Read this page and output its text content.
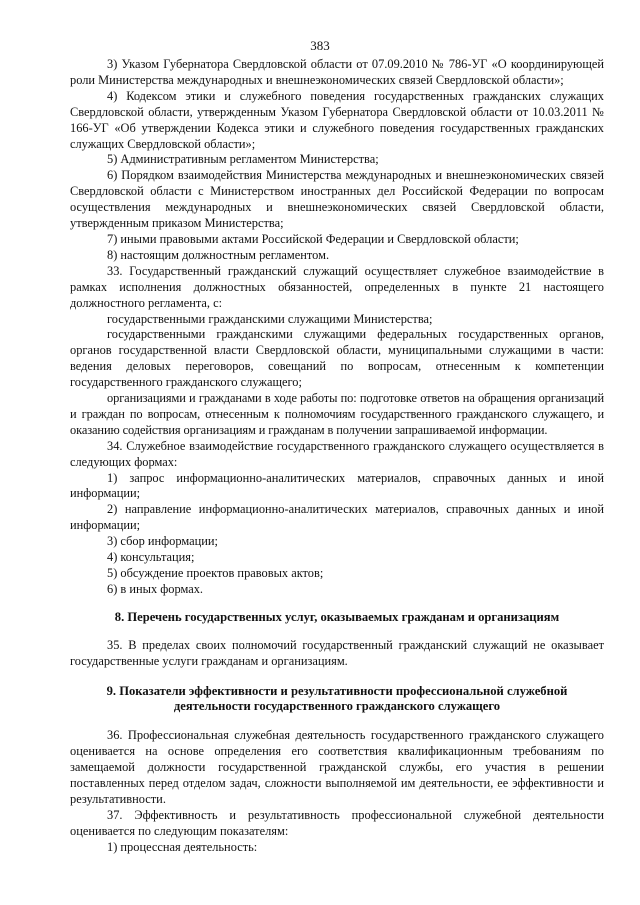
383

3) Указом Губернатора Свердловской области от 07.09.2010 № 786-УГ «О координирующей роли Министерства международных и внешнеэкономических связей Свердловской области»;

4) Кодексом этики и служебного поведения государственных гражданских служащих Свердловской области, утвержденным Указом Губернатора Свердловской области от 10.03.2011 № 166-УГ «Об утверждении Кодекса этики и служебного поведения государственных гражданских служащих Свердловской области»;

5) Административным регламентом Министерства;

6) Порядком взаимодействия Министерства международных и внешнеэкономических связей Свердловской области с Министерством иностранных дел Российской Федерации по вопросам осуществления международных и внешнеэкономических связей Свердловской области, утвержденным приказом Министерства;

7) иными правовыми актами Российской Федерации и Свердловской области;

8) настоящим должностным регламентом.

33. Государственный гражданский служащий осуществляет служебное взаимодействие в рамках исполнения должностных обязанностей, определенных в пункте 21 настоящего должностного регламента, с:

государственными гражданскими служащими Министерства;

государственными гражданскими служащими федеральных государственных органов, органов государственной власти Свердловской области, муниципальными служащими в части: ведения деловых переговоров, совещаний по вопросам, отнесенным к компетенции государственного гражданского служащего;

организациями и гражданами в ходе работы по: подготовке ответов на обращения организаций и граждан по вопросам, отнесенным к полномочиям государственного гражданского служащего, и оказанию содействия организациям и гражданам в получении запрашиваемой информации.

34. Служебное взаимодействие государственного гражданского служащего осуществляется в следующих формах:

1) запрос информационно-аналитических материалов, справочных данных и иной информации;

2) направление информационно-аналитических материалов, справочных данных и иной информации;

3) сбор информации;

4) консультация;

5) обсуждение проектов правовых актов;

6) в иных формах.

8. Перечень государственных услуг, оказываемых гражданам и организациям

35. В пределах своих полномочий государственный гражданский служащий не оказывает государственные услуги гражданам и организациям.

9. Показатели эффективности и результативности профессиональной служебной деятельности государственного гражданского служащего

36. Профессиональная служебная деятельность государственного гражданского служащего оценивается на основе определения его соответствия квалификационным требованиям по замещаемой должности государственной гражданской службы, его участия в решении поставленных перед отделом задач, сложности выполняемой им деятельности, ее эффективности и результативности.

37. Эффективность и результативность профессиональной служебной деятельности оценивается по следующим показателям:

1) процессная деятельность:
